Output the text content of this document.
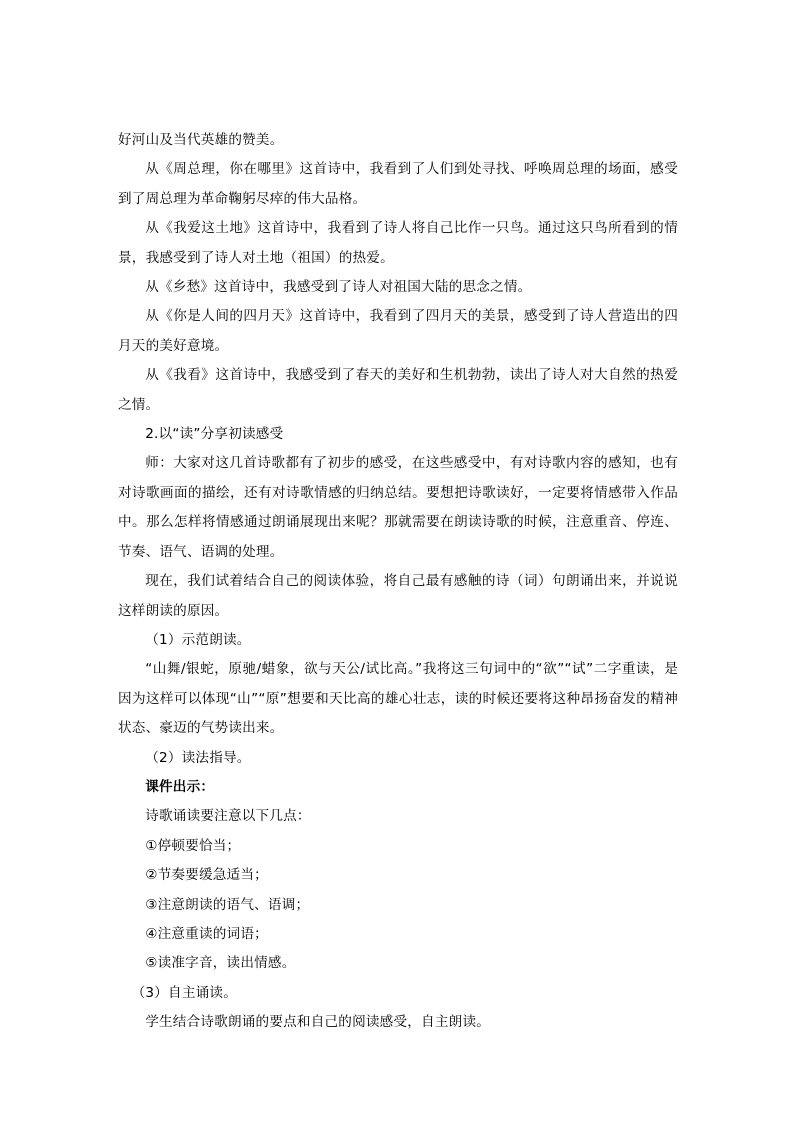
好河山及当代英雄的赞美。

从《周总理，你在哪里》这首诗中，我看到了人们到处寻找、呼唤周总理的场面，感受到了周总理为革命鞠躬尽瘁的伟大品格。

从《我爱这土地》这首诗中，我看到了诗人将自己比作一只鸟。通过这只鸟所看到的情景，我感受到了诗人对土地（祖国）的热爱。

从《乡愁》这首诗中，我感受到了诗人对祖国大陆的思念之情。

从《你是人间的四月天》这首诗中，我看到了四月天的美景，感受到了诗人营造出的四月天的美好意境。

从《我看》这首诗中，我感受到了春天的美好和生机勃勃，读出了诗人对大自然的热爱之情。

2.以“读”分享初读感受

师：大家对这几首诗歌都有了初步的感受，在这些感受中，有对诗歌内容的感知，也有对诗歌画面的描绘，还有对诗歌情感的归纳总结。要想把诗歌读好，一定要将情感带入作品中。那么怎样将情感通过朗诵展现出来呢？那就需要在朗读诗歌的时候，注意重音、停连、节奏、语气、语调的处理。

现在，我们试着结合自己的阅读体验，将自己最有感触的诗（词）句朗诵出来，并说说这样朗读的原因。

（1）示范朗读。

“山舞/银蛇，原驰/蜡象，欲与天公/试比高。”我将这三句词中的“欲”“试”二字重读，是因为这样可以体现“山”“原”想要和天比高的雄心壮志，读的时候还要将这种昂扬奋发的精神状态、豪迈的气势读出来。

（2）读法指导。

课件出示：

诗歌诵读要注意以下几点：

①停顿要恰当；

②节奏要缓急适当；

③注意朗读的语气、语调；

④注意重读的词语；

⑤读准字音，读出情感。

（3）自主诵读。

学生结合诗歌朗诵的要点和自己的阅读感受，自主朗读。
